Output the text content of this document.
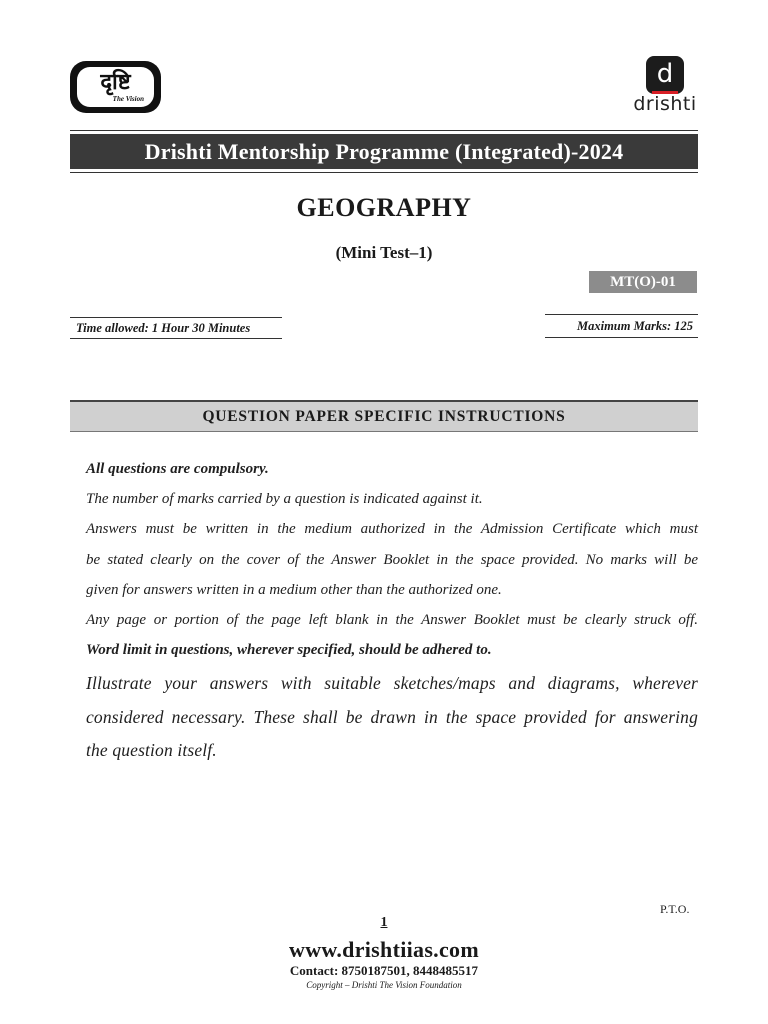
दृष्टि
The Vision
d
drishti
Drishti Mentorship Programme (Integrated)-2024
GEOGRAPHY
(Mini Test–1)
MT(O)-01
Time allowed: 1 Hour 30 Minutes	Maximum Marks: 125
QUESTION PAPER SPECIFIC INSTRUCTIONS
All questions are compulsory.
The number of marks carried by a question is indicated against it.
Answers must be written in the medium authorized in the Admission Certificate which must
be stated clearly on the cover of the Answer Booklet in the space provided. No marks will be
given for answers written in a medium other than the authorized one.
Any page or portion of the page left blank in the Answer Booklet must be clearly struck off.
Word limit in questions, wherever specified, should be adhered to.
Illustrate your answers with suitable sketches/maps and diagrams, wherever
considered necessary. These shall be drawn in the space provided for answering
the question itself.
P.T.O.
1
www.drishtiias.com
Contact: 8750187501, 8448485517
Copyright – Drishti The Vision Foundation
